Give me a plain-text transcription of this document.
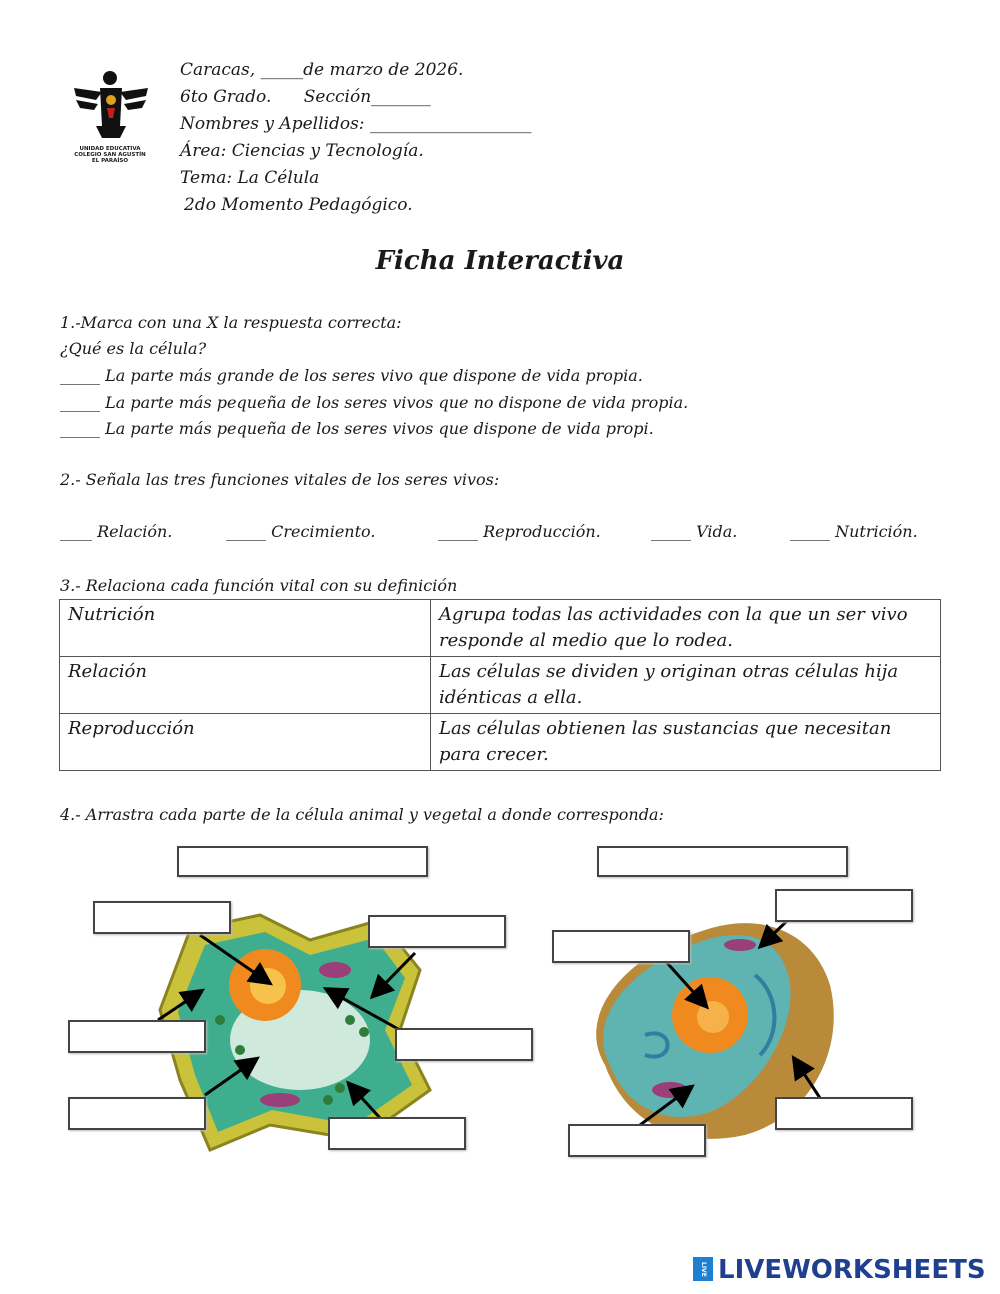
UNIDAD EDUCATIVA
COLEGIO SAN AGUSTÍN
EL PARAÍSO
Caracas, _____de marzo de 2026.
6to Grado.      Sección_______
Nombres y Apellidos: ___________________
Área: Ciencias y Tecnología.
Tema: La Célula
2do Momento Pedagógico.
Ficha Interactiva
1.-Marca con una X la respuesta correcta:
¿Qué es la célula?
_____ La parte más grande de los seres vivo que dispone de vida propia.
_____ La parte más pequeña de los seres vivos que no dispone de vida propia.
_____ La parte más pequeña de los seres vivos que dispone de vida propi.
2.- Señala las tres funciones vitales de los seres vivos:
____ Relación.	_____ Crecimiento.	_____ Reproducción.	_____ Vida.	_____ Nutrición.
3.- Relaciona cada función vital con su definición
Nutrición	Agrupa todas las actividades con la que un ser vivo responde al medio que lo rodea.
Relación	Las células se dividen y originan otras células hija idénticas a ella.
Reproducción	Las células obtienen las sustancias que necesitan para crecer.
4.- Arrastra cada parte de la célula animal y vegetal a donde corresponda:
LIVE LIVEWORKSHEETS
